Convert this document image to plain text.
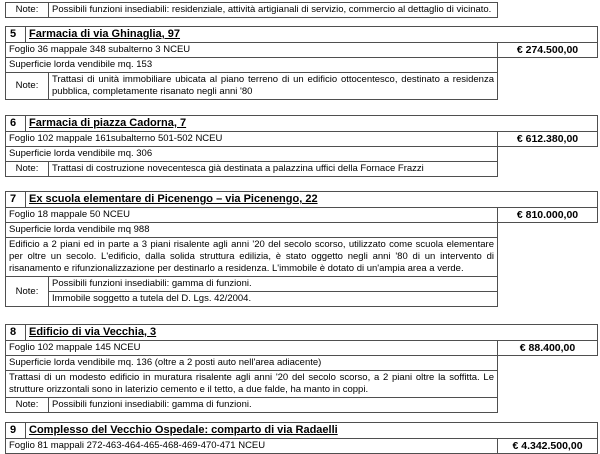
Note:	Possibili funzioni insediabili: residenziale, attività artigianali di servizio, commercio al dettaglio di vicinato.
5	Farmacia di via Ghinaglia, 97		
Foglio 36 mappale 348 subalterno 3 NCEU			€ 274.500,00
Superficie lorda vendibile mq. 153			
Note:		Trattasi di unità immobiliare ubicata al piano terreno di un edificio ottocentesco, destinato a residenza pubblica, completamente risanato negli anni '80	
6	Farmacia di piazza Cadorna, 7		
Foglio 102 mappale 161subalterno 501-502 NCEU			€ 612.380,00
Superficie lorda vendibile mq. 306			
Note:		Trattasi di costruzione novecentesca già destinata a palazzina uffici della Fornace Frazzi	
7	Ex scuola elementare di Picenengo – via Picenengo, 22		
Foglio 18 mappale 50 NCEU			€ 810.000,00
Superficie lorda vendibile mq 988			
Edificio a 2 piani ed in parte a 3 piani risalente agli anni '20 del secolo scorso, utilizzato come scuola elementare per oltre un secolo. L'edificio, dalla solida struttura edilizia, è stato oggetto negli anni '80 di un intervento di risanamento e rifunzionalizzazione per destinarlo a residenza. L'immobile è dotato di un'ampia area a verde.			
Note:		Possibili funzioni insediabili: gamma di funzioni.	
		Immobile soggetto a tutela del D. Lgs. 42/2004.	
8	Edificio di via Vecchia, 3		
Foglio 102 mappale 145 NCEU			€ 88.400,00
Superficie lorda vendibile mq. 136 (oltre a 2 posti auto nell'area adiacente)			
Trattasi di un modesto edificio in muratura risalente agli anni '20 del secolo scorso, a 2 piani oltre la soffitta. Le strutture orizzontali sono in laterizio cemento e il tetto, a due falde, ha manto in coppi.			
Note:		Possibili funzioni insediabili: gamma di funzioni.	
9	Complesso del Vecchio Ospedale: comparto di via Radaelli	
Foglio 81 mappali 272-463-464-465-468-469-470-471 NCEU		€ 4.342.500,00
